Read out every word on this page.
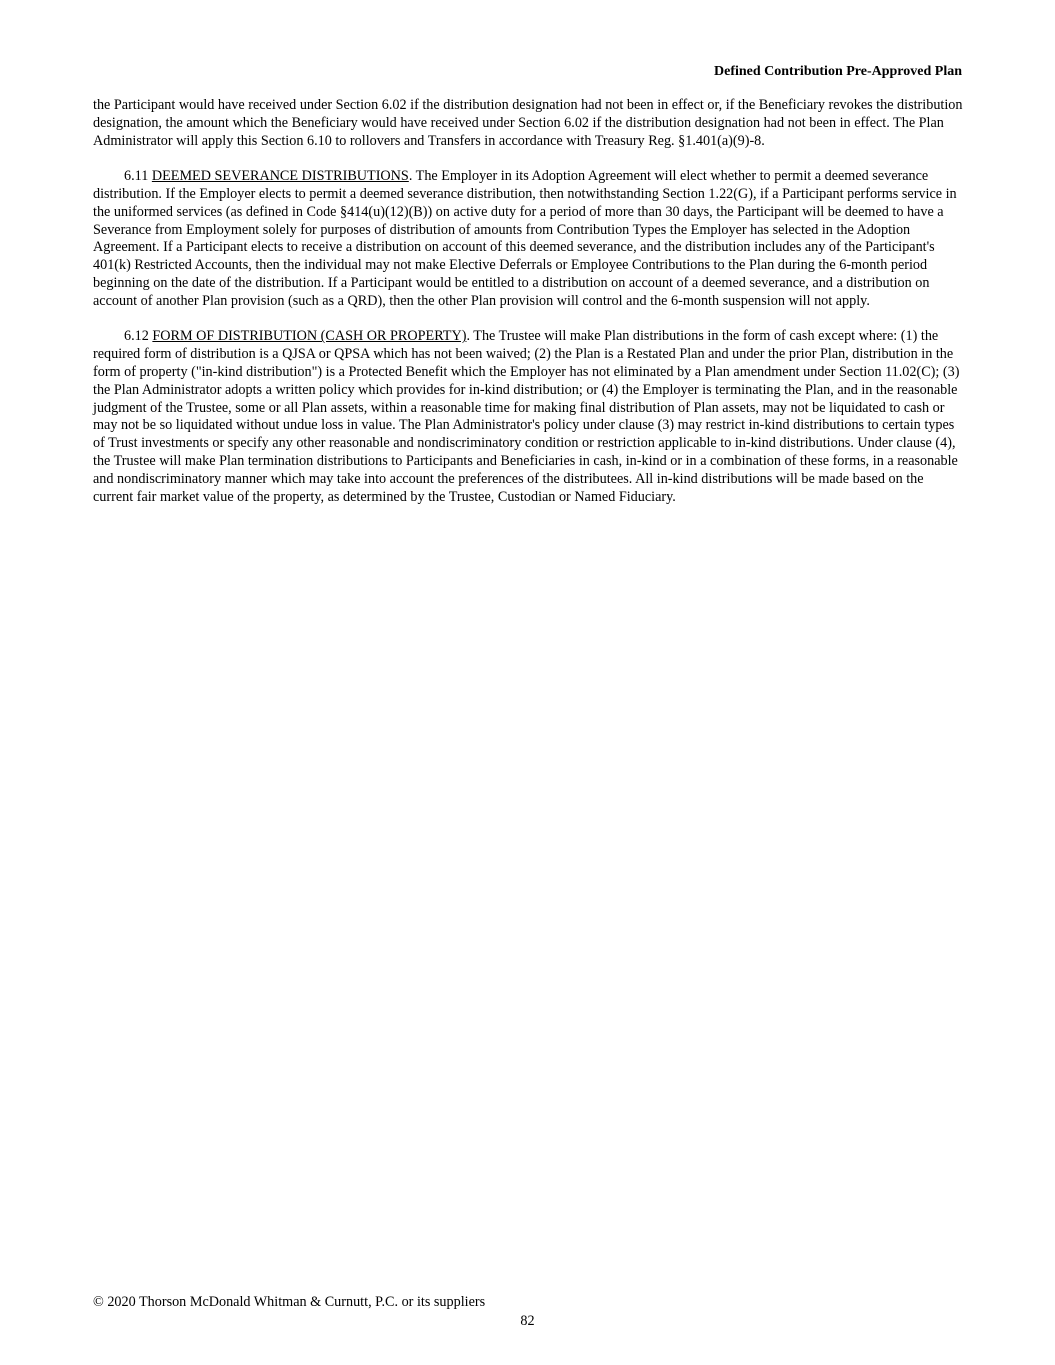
Defined Contribution Pre-Approved Plan

the Participant would have received under Section 6.02 if the distribution designation had not been in effect or, if the Beneficiary revokes the distribution designation, the amount which the Beneficiary would have received under Section 6.02 if the distribution designation had not been in effect. The Plan Administrator will apply this Section 6.10 to rollovers and Transfers in accordance with Treasury Reg. §1.401(a)(9)-8.

6.11 DEEMED SEVERANCE DISTRIBUTIONS. The Employer in its Adoption Agreement will elect whether to permit a deemed severance distribution. If the Employer elects to permit a deemed severance distribution, then notwithstanding Section 1.22(G), if a Participant performs service in the uniformed services (as defined in Code §414(u)(12)(B)) on active duty for a period of more than 30 days, the Participant will be deemed to have a Severance from Employment solely for purposes of distribution of amounts from Contribution Types the Employer has selected in the Adoption Agreement. If a Participant elects to receive a distribution on account of this deemed severance, and the distribution includes any of the Participant's 401(k) Restricted Accounts, then the individual may not make Elective Deferrals or Employee Contributions to the Plan during the 6-month period beginning on the date of the distribution. If a Participant would be entitled to a distribution on account of a deemed severance, and a distribution on account of another Plan provision (such as a QRD), then the other Plan provision will control and the 6-month suspension will not apply.

6.12 FORM OF DISTRIBUTION (CASH OR PROPERTY). The Trustee will make Plan distributions in the form of cash except where: (1) the required form of distribution is a QJSA or QPSA which has not been waived; (2) the Plan is a Restated Plan and under the prior Plan, distribution in the form of property ("in-kind distribution") is a Protected Benefit which the Employer has not eliminated by a Plan amendment under Section 11.02(C); (3) the Plan Administrator adopts a written policy which provides for in-kind distribution; or (4) the Employer is terminating the Plan, and in the reasonable judgment of the Trustee, some or all Plan assets, within a reasonable time for making final distribution of Plan assets, may not be liquidated to cash or may not be so liquidated without undue loss in value. The Plan Administrator's policy under clause (3) may restrict in-kind distributions to certain types of Trust investments or specify any other reasonable and nondiscriminatory condition or restriction applicable to in-kind distributions. Under clause (4), the Trustee will make Plan termination distributions to Participants and Beneficiaries in cash, in-kind or in a combination of these forms, in a reasonable and nondiscriminatory manner which may take into account the preferences of the distributees. All in-kind distributions will be made based on the current fair market value of the property, as determined by the Trustee, Custodian or Named Fiduciary.

© 2020 Thorson McDonald Whitman & Curnutt, P.C. or its suppliers
82
